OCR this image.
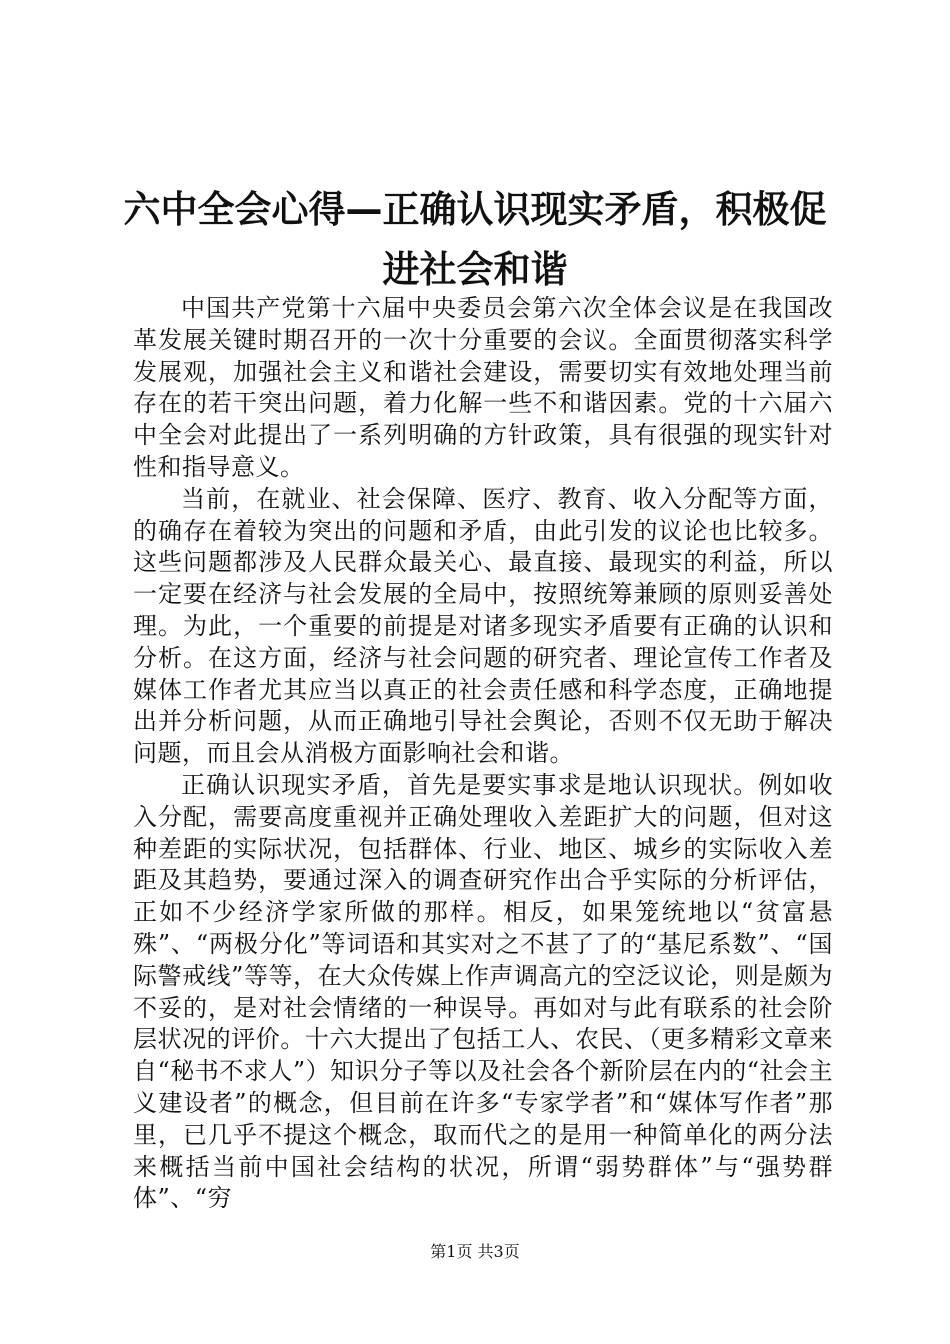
六中全会心得—正确认识现实矛盾，积极促进社会和谐

中国共产党第十六届中央委员会第六次全体会议是在我国改革发展关键时期召开的一次十分重要的会议。全面贯彻落实科学发展观，加强社会主义和谐社会建设，需要切实有效地处理当前存在的若干突出问题，着力化解一些不和谐因素。党的十六届六中全会对此提出了一系列明确的方针政策，具有很强的现实针对性和指导意义。

当前，在就业、社会保障、医疗、教育、收入分配等方面，的确存在着较为突出的问题和矛盾，由此引发的议论也比较多。这些问题都涉及人民群众最关心、最直接、最现实的利益，所以一定要在经济与社会发展的全局中，按照统筹兼顾的原则妥善处理。为此，一个重要的前提是对诸多现实矛盾要有正确的认识和分析。在这方面，经济与社会问题的研究者、理论宣传工作者及媒体工作者尤其应当以真正的社会责任感和科学态度，正确地提出并分析问题，从而正确地引导社会舆论，否则不仅无助于解决问题，而且会从消极方面影响社会和谐。

正确认识现实矛盾，首先是要实事求是地认识现状。例如收入分配，需要高度重视并正确处理收入差距扩大的问题，但对这种差距的实际状况，包括群体、行业、地区、城乡的实际收入差距及其趋势，要通过深入的调查研究作出合乎实际的分析评估，正如不少经济学家所做的那样。相反，如果笼统地以“贫富悬殊”、“两极分化”等词语和其实对之不甚了了的“基尼系数”、“国际警戒线”等等，在大众传媒上作声调高亢的空泛议论，则是颇为不妥的，是对社会情绪的一种误导。再如对与此有联系的社会阶层状况的评价。十六大提出了包括工人、农民、（更多精彩文章来自“秘书不求人”）知识分子等以及社会各个新阶层在内的“社会主义建设者”的概念，但目前在许多“专家学者”和“媒体写作者”那里，已几乎不提这个概念，取而代之的是用一种简单化的两分法来概括当前中国社会结构的状况，所谓“弱势群体”与“强势群体”、“穷

第1页 共3页
